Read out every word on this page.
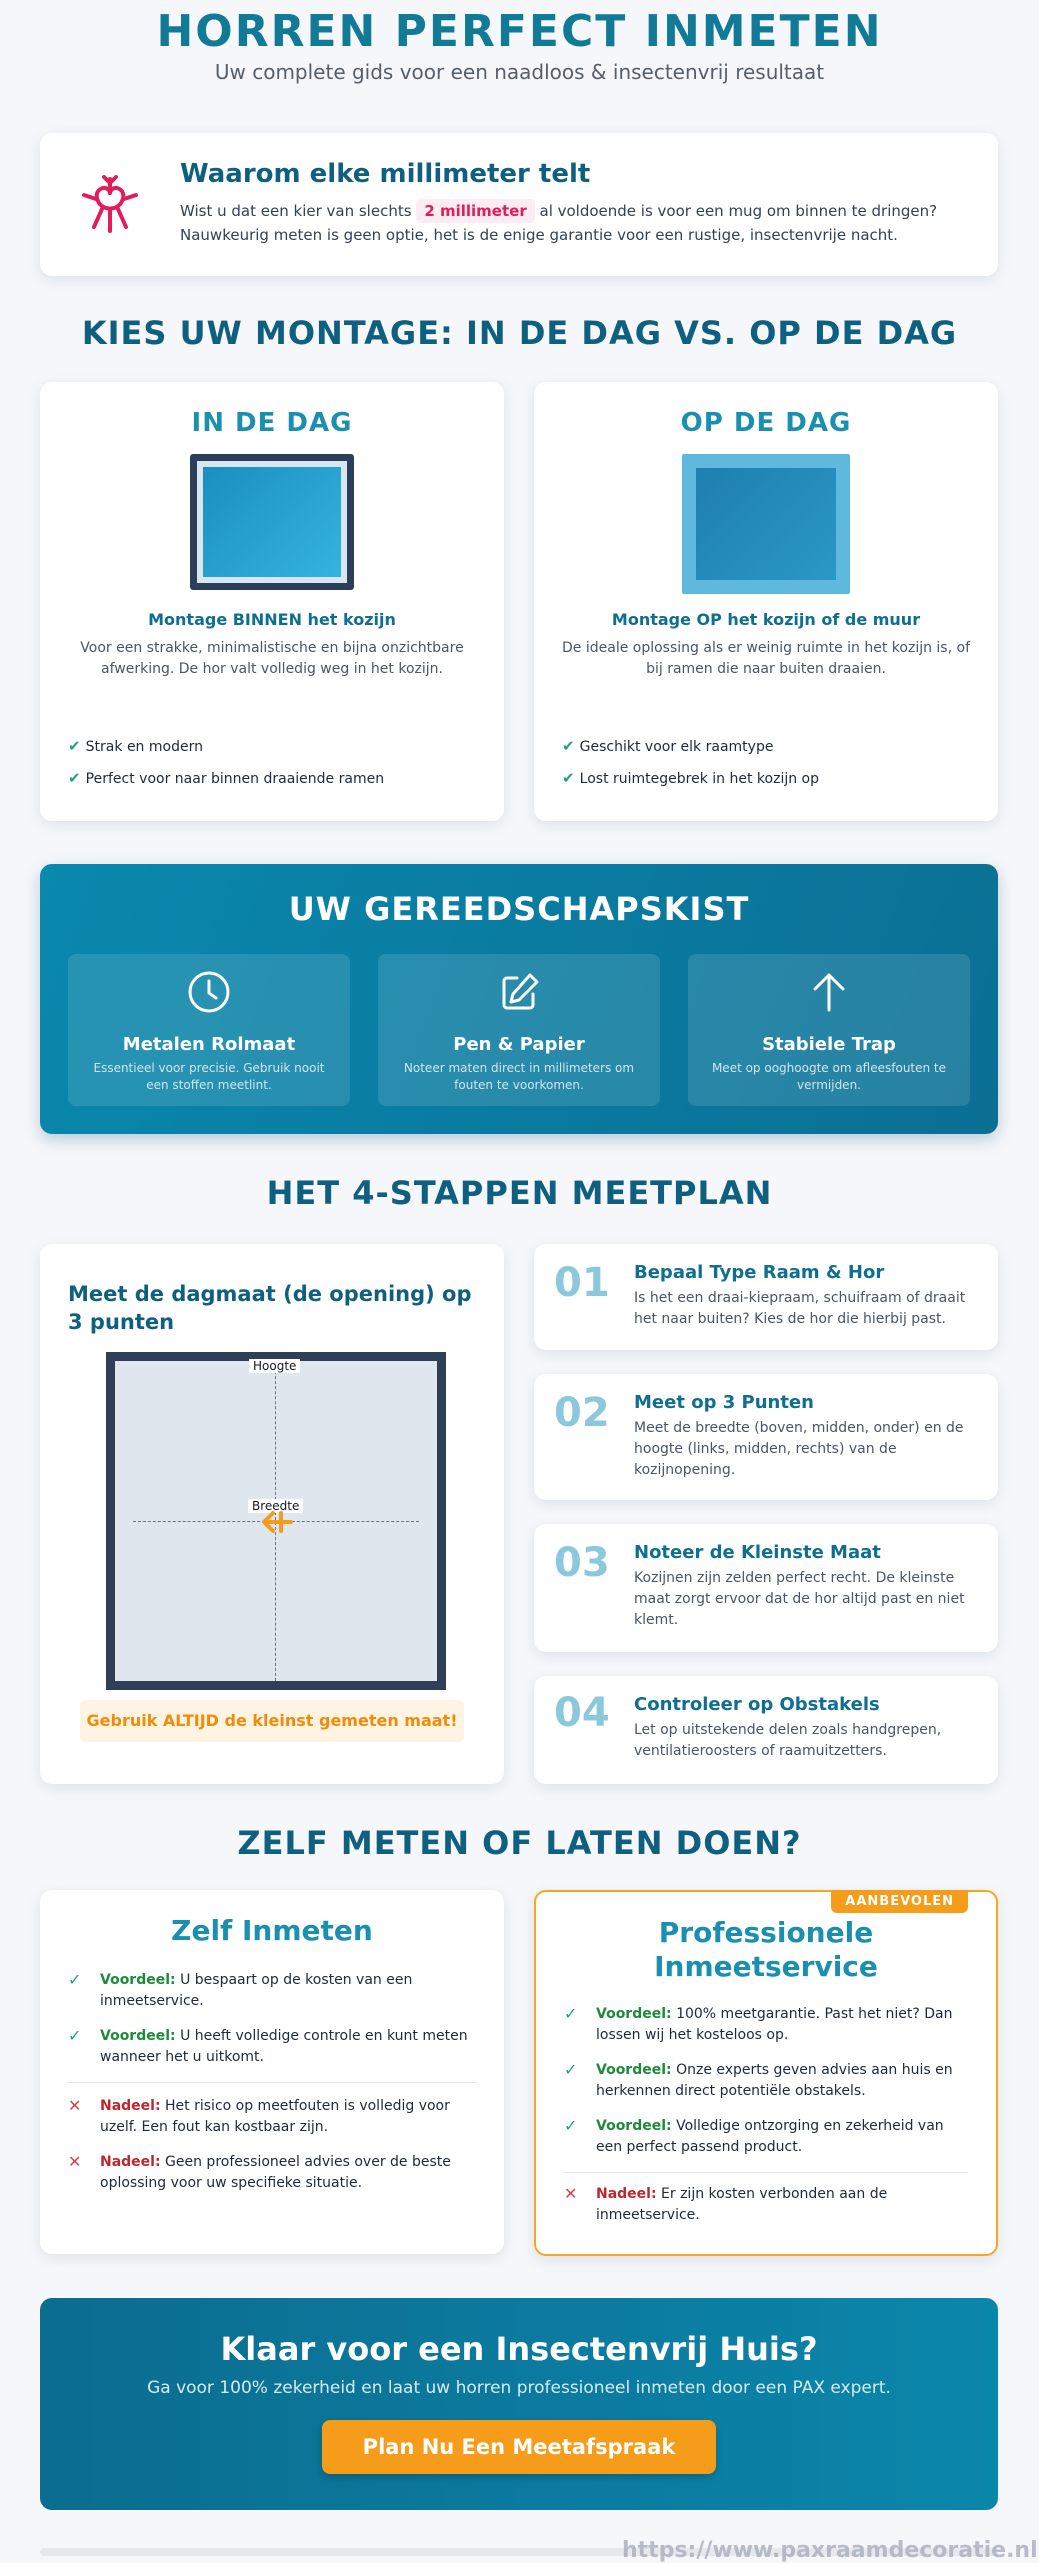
HORREN PERFECT INMETEN
Uw complete gids voor een naadloos & insectenvrij resultaat
Waarom elke millimeter telt
Wist u dat een kier van slechts 2 millimeter al voldoende is voor een mug om binnen te dringen?
Nauwkeurig meten is geen optie, het is de enige garantie voor een rustige, insectenvrije nacht.
KIES UW MONTAGE: IN DE DAG VS. OP DE DAG
IN DE DAG
Montage BINNEN het kozijn
Voor een strakke, minimalistische en bijna onzichtbare afwerking. De hor valt volledig weg in het kozijn.
✔ Strak en modern
✔ Perfect voor naar binnen draaiende ramen
OP DE DAG
Montage OP het kozijn of de muur
De ideale oplossing als er weinig ruimte in het kozijn is, of bij ramen die naar buiten draaien.
✔ Geschikt voor elk raamtype
✔ Lost ruimtegebrek in het kozijn op
UW GEREEDSCHAPSKIST
Metalen Rolmaat
Essentieel voor precisie. Gebruik nooit een stoffen meetlint.
Pen & Papier
Noteer maten direct in millimeters om fouten te voorkomen.
Stabiele Trap
Meet op ooghoogte om afleesfouten te vermijden.
HET 4-STAPPEN MEETPLAN
Meet de dagmaat (de opening) op 3 punten
Hoogte
Breedte
Gebruik ALTIJD de kleinst gemeten maat!
01 Bepaal Type Raam & Hor
Is het een draai-kiepraam, schuifraam of draait het naar buiten? Kies de hor die hierbij past.
02 Meet op 3 Punten
Meet de breedte (boven, midden, onder) en de hoogte (links, midden, rechts) van de kozijnopening.
03 Noteer de Kleinste Maat
Kozijnen zijn zelden perfect recht. De kleinste maat zorgt ervoor dat de hor altijd past en niet klemt.
04 Controleer op Obstakels
Let op uitstekende delen zoals handgrepen, ventilatieroosters of raamuitzetters.
ZELF METEN OF LATEN DOEN?
Zelf Inmeten
✓ Voordeel: U bespaart op de kosten van een inmeetservice.
✓ Voordeel: U heeft volledige controle en kunt meten wanneer het u uitkomt.
✕ Nadeel: Het risico op meetfouten is volledig voor uzelf. Een fout kan kostbaar zijn.
✕ Nadeel: Geen professioneel advies over de beste oplossing voor uw specifieke situatie.
AANBEVOLEN
Professionele
Inmeetservice
✓ Voordeel: 100% meetgarantie. Past het niet? Dan lossen wij het kosteloos op.
✓ Voordeel: Onze experts geven advies aan huis en herkennen direct potentiële obstakels.
✓ Voordeel: Volledige ontzorging en zekerheid van een perfect passend product.
✕ Nadeel: Er zijn kosten verbonden aan de inmeetservice.
Klaar voor een Insectenvrij Huis?
Ga voor 100% zekerheid en laat uw horren professioneel inmeten door een PAX expert.
Plan Nu Een Meetafspraak
https://www.paxraamdecoratie.nl
